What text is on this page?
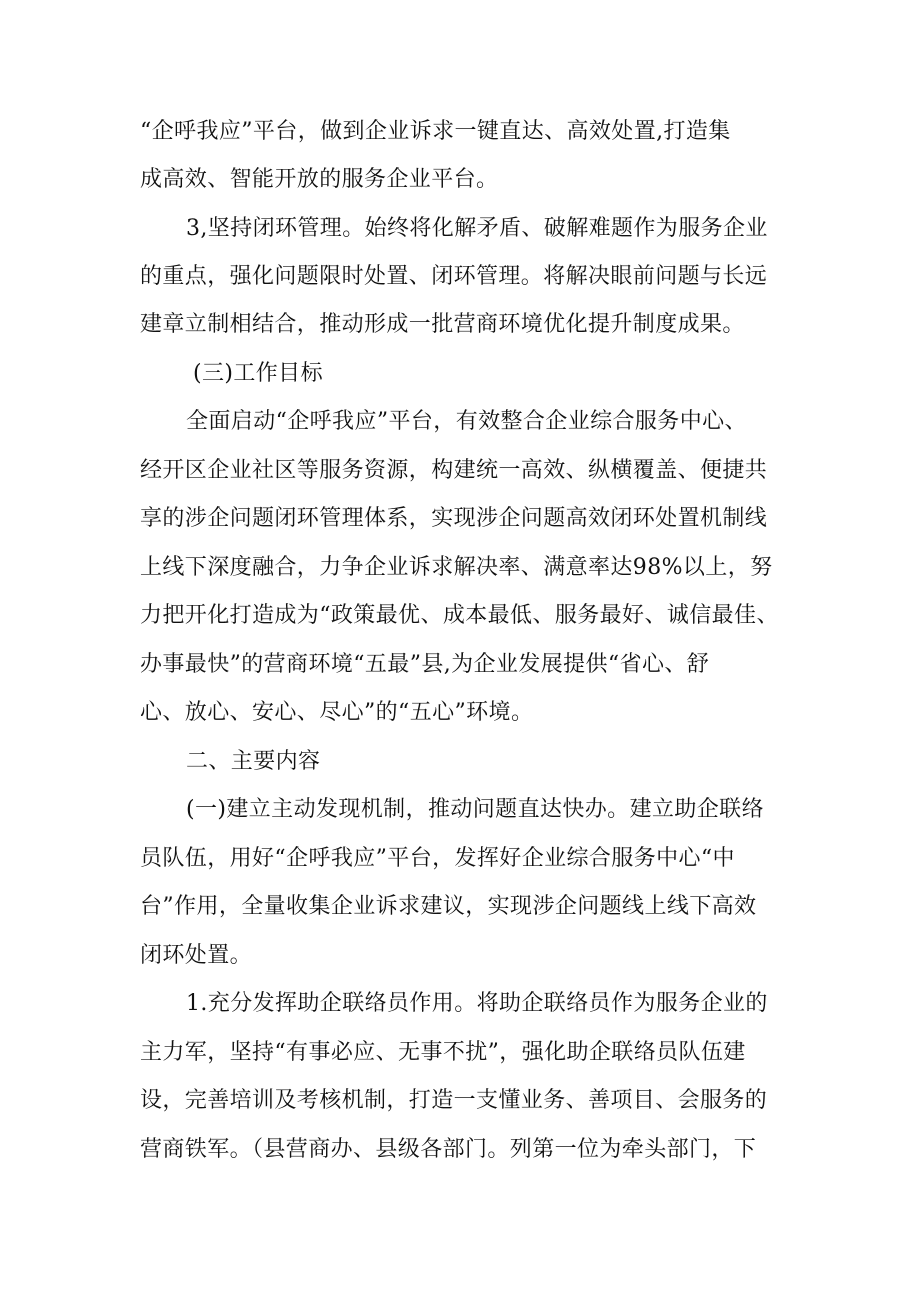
“企呼我应”平台，做到企业诉求一键直达、高效处置,打造集

成高效、智能开放的服务企业平台。

3,坚持闭环管理。始终将化解矛盾、破解难题作为服务企业

的重点，强化问题限时处置、闭环管理。将解决眼前问题与长远

建章立制相结合，推动形成一批营商环境优化提升制度成果。

(三)工作目标

全面启动“企呼我应”平台，有效整合企业综合服务中心、

经开区企业社区等服务资源，构建统一高效、纵横覆盖、便捷共

享的涉企问题闭环管理体系，实现涉企问题高效闭环处置机制线

上线下深度融合，力争企业诉求解决率、满意率达98%以上，努

力把开化打造成为“政策最优、成本最低、服务最好、诚信最佳、

办事最快”的营商环境“五最”县,为企业发展提供“省心、舒

心、放心、安心、尽心”的“五心”环境。

二、主要内容

(一)建立主动发现机制，推动问题直达快办。建立助企联络

员队伍，用好“企呼我应”平台，发挥好企业综合服务中心“中

台”作用，全量收集企业诉求建议，实现涉企问题线上线下高效

闭环处置。

1.充分发挥助企联络员作用。将助企联络员作为服务企业的

主力军，坚持“有事必应、无事不扰”，强化助企联络员队伍建

设，完善培训及考核机制，打造一支懂业务、善项目、会服务的

营商铁军。（县营商办、县级各部门。列第一位为牵头部门，下
